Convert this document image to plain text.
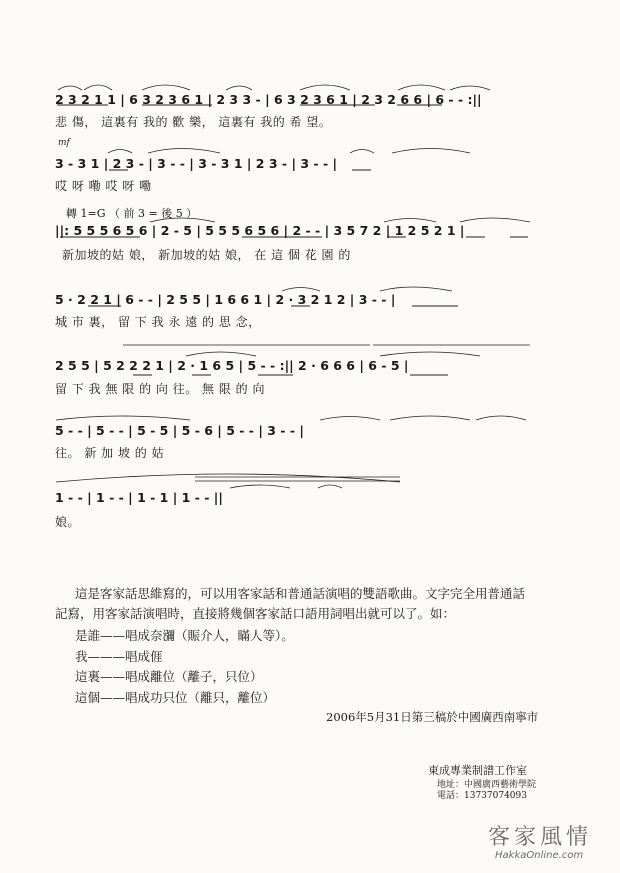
2 3 2 1 1 | 6 3 2 3 6 1 | 2 3 3 - | 6 3 2 3 6 1 | 2 3 2 6 6 | 6 - - :||
悲 傷， 這裏有 我的 歡 樂， 這裏有 我的 希 望。
mf
3 - 3 1 | 2 3 - | 3 - - | 3 - 3 1 | 2 3 - | 3 - - |
哎 呀 嘞 哎 呀 嘞
轉 1=G （ 前 3 = 後 5 ）
||: 5 5 5 6 5 6 | 2 - 5 | 5 5 5 6 5 6 | 2 - - | 3 5 7 2 | 1 2 5 2 1 |
新加坡的姑 娘， 新加坡的姑 娘， 在 這 個 花 園 的
5 · 2 2 1 | 6 - - | 2 5 5 | 1 6 6 1 | 2 · 3 2 1 2 | 3 - - |
城 市 裏， 留 下 我 永 遠 的 思 念，
2 5 5 | 5 2 2 2 1 | 2 · 1 6 5 | 5 - - :|| 2 · 6 6 6 | 6 - 5 |
留 下 我 無 限 的 向 往。 無 限 的 向
5 - - | 5 - - | 5 - 5 | 5 - 6 | 5 - - | 3 - - |
往。 新 加 坡 的 姑
1 - - | 1 - - | 1 - 1 | 1 - - ||
娘。
這是客家話思維寫的，可以用客家話和普通話演唱的雙語歌曲。文字完全用普通話
記寫，用客家話演唱時，直接將幾個客家話口語用詞唱出就可以了。如：
是誰——唱成奈瀰（賑介人，瞞人等）。
我———唱成𠊎
這裏——唱成離位（離子，只位）
這個——唱成功只位（離只，離位）
2006年5月31日第三稿於中國廣西南寧市
東成專業制譜工作室
地址：中國廣西藝術學院
電話：13737074093
客家風情
HakkaOnline.com
